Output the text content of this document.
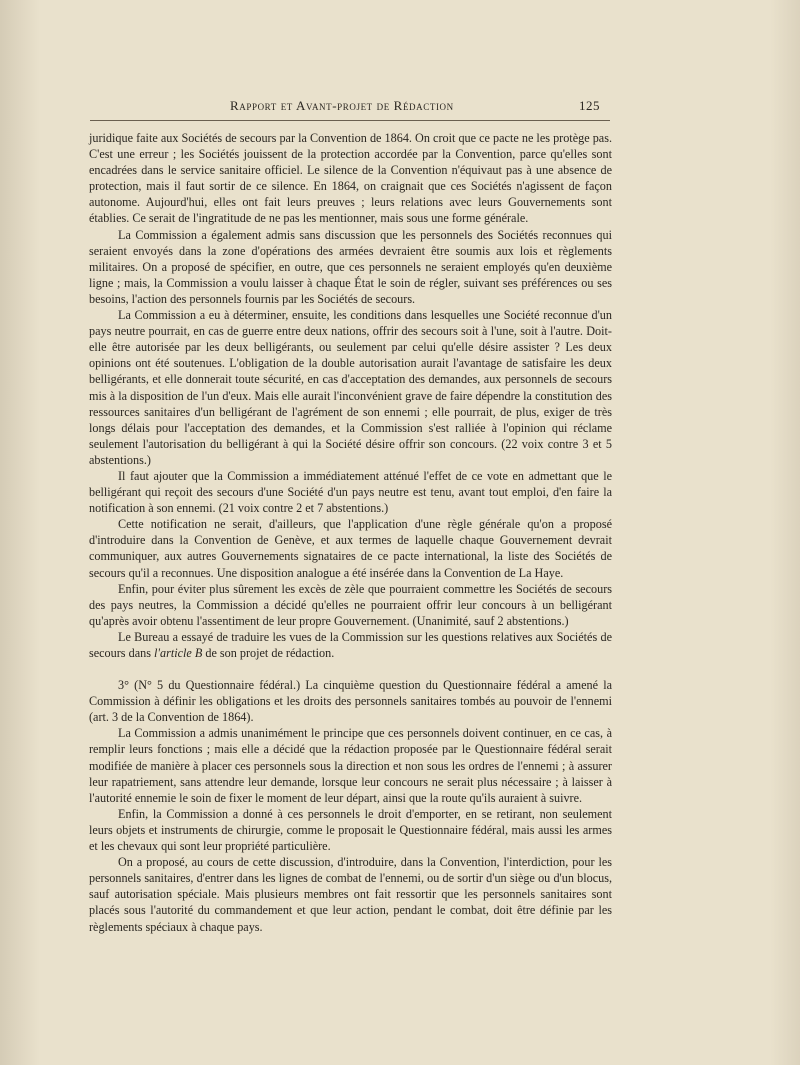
Rapport et Avant-projet de Rédaction	125

juridique faite aux Sociétés de secours par la Convention de 1864. On croit que ce pacte ne les protège pas. C'est une erreur ; les Sociétés jouissent de la protection accordée par la Convention, parce qu'elles sont encadrées dans le service sanitaire officiel. Le silence de la Convention n'équivaut pas à une absence de protection, mais il faut sortir de ce silence. En 1864, on craignait que ces Sociétés n'agissent de façon autonome. Aujourd'hui, elles ont fait leurs preuves ; leurs relations avec leurs Gouvernements sont établies. Ce serait de l'ingratitude de ne pas les mentionner, mais sous une forme générale.

La Commission a également admis sans discussion que les personnels des Sociétés reconnues qui seraient envoyés dans la zone d'opérations des armées devraient être soumis aux lois et règlements militaires. On a proposé de spécifier, en outre, que ces personnels ne seraient employés qu'en deuxième ligne ; mais, la Commission a voulu laisser à chaque État le soin de régler, suivant ses préférences ou ses besoins, l'action des personnels fournis par les Sociétés de secours.

La Commission a eu à déterminer, ensuite, les conditions dans lesquelles une Société reconnue d'un pays neutre pourrait, en cas de guerre entre deux nations, offrir des secours soit à l'une, soit à l'autre. Doit-elle être autorisée par les deux belligérants, ou seulement par celui qu'elle désire assister ? Les deux opinions ont été soutenues. L'obligation de la double autorisation aurait l'avantage de satisfaire les deux belligérants, et elle donnerait toute sécurité, en cas d'acceptation des demandes, aux personnels de secours mis à la disposition de l'un d'eux. Mais elle aurait l'inconvénient grave de faire dépendre la constitution des ressources sanitaires d'un belligérant de l'agrément de son ennemi ; elle pourrait, de plus, exiger de très longs délais pour l'acceptation des demandes, et la Commission s'est ralliée à l'opinion qui réclame seulement l'autorisation du belligérant à qui la Société désire offrir son concours. (22 voix contre 3 et 5 abstentions.)

Il faut ajouter que la Commission a immédiatement atténué l'effet de ce vote en admettant que le belligérant qui reçoit des secours d'une Société d'un pays neutre est tenu, avant tout emploi, d'en faire la notification à son ennemi. (21 voix contre 2 et 7 abstentions.)

Cette notification ne serait, d'ailleurs, que l'application d'une règle générale qu'on a proposé d'introduire dans la Convention de Genève, et aux termes de laquelle chaque Gouvernement devrait communiquer, aux autres Gouvernements signataires de ce pacte international, la liste des Sociétés de secours qu'il a reconnues. Une disposition analogue a été insérée dans la Convention de La Haye.

Enfin, pour éviter plus sûrement les excès de zèle que pourraient commettre les Sociétés de secours des pays neutres, la Commission a décidé qu'elles ne pourraient offrir leur concours à un belligérant qu'après avoir obtenu l'assentiment de leur propre Gouvernement. (Unanimité, sauf 2 abstentions.)

Le Bureau a essayé de traduire les vues de la Commission sur les questions relatives aux Sociétés de secours dans l'article B de son projet de rédaction.

3° (N° 5 du Questionnaire fédéral.) La cinquième question du Questionnaire fédéral a amené la Commission à définir les obligations et les droits des personnels sanitaires tombés au pouvoir de l'ennemi (art. 3 de la Convention de 1864).

La Commission a admis unanimément le principe que ces personnels doivent continuer, en ce cas, à remplir leurs fonctions ; mais elle a décidé que la rédaction proposée par le Questionnaire fédéral serait modifiée de manière à placer ces personnels sous la direction et non sous les ordres de l'ennemi ; à assurer leur rapatriement, sans attendre leur demande, lorsque leur concours ne serait plus nécessaire ; à laisser à l'autorité ennemie le soin de fixer le moment de leur départ, ainsi que la route qu'ils auraient à suivre.

Enfin, la Commission a donné à ces personnels le droit d'emporter, en se retirant, non seulement leurs objets et instruments de chirurgie, comme le proposait le Questionnaire fédéral, mais aussi les armes et les chevaux qui sont leur propriété particulière.

On a proposé, au cours de cette discussion, d'introduire, dans la Convention, l'interdiction, pour les personnels sanitaires, d'entrer dans les lignes de combat de l'ennemi, ou de sortir d'un siège ou d'un blocus, sauf autorisation spéciale. Mais plusieurs membres ont fait ressortir que les personnels sanitaires sont placés sous l'autorité du commandement et que leur action, pendant le combat, doit être définie par les règlements spéciaux à chaque pays.
